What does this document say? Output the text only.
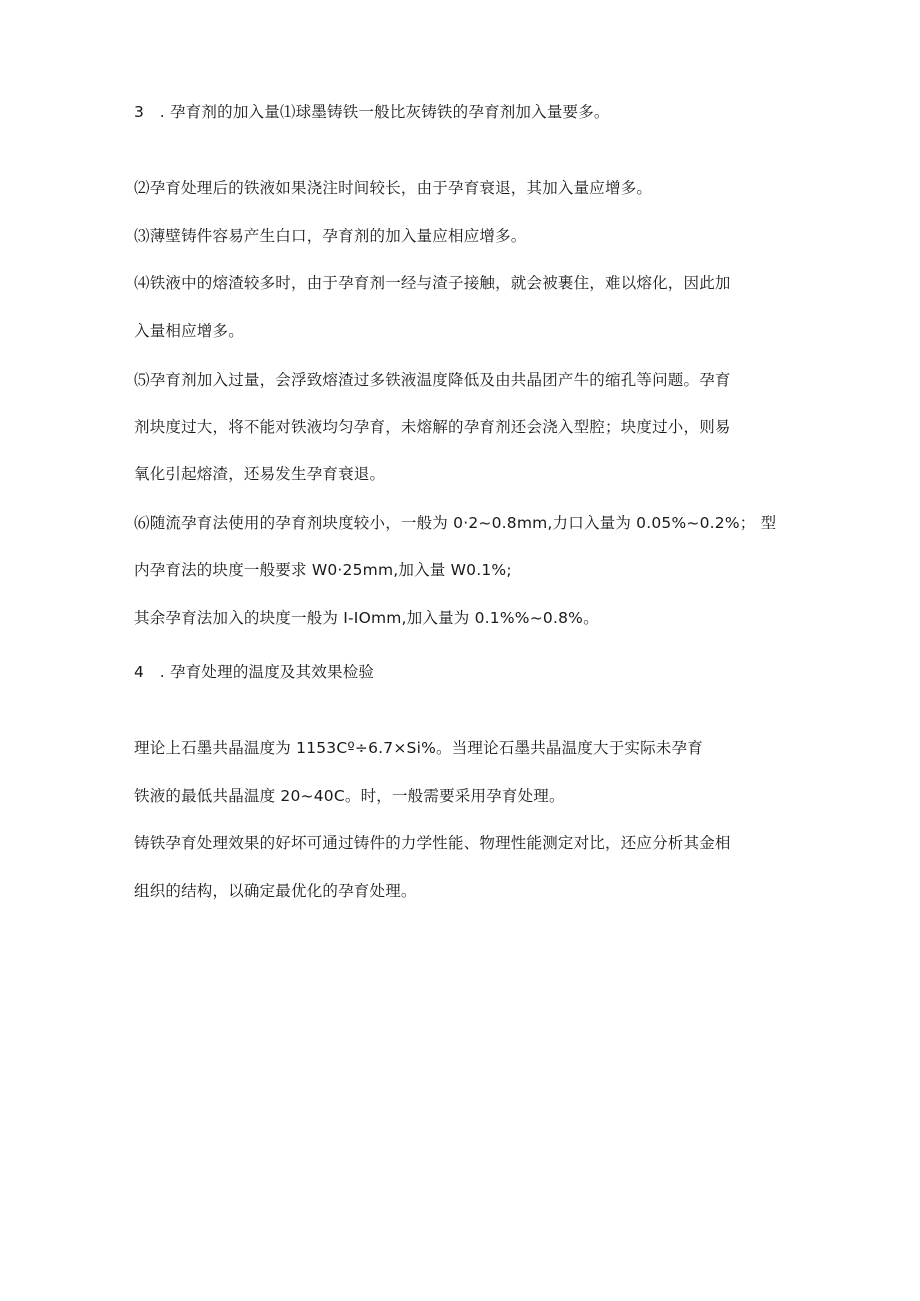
3　. 孕育剂的加入量⑴球墨铸铁一般比灰铸铁的孕育剂加入量要多。
⑵孕育处理后的铁液如果浇注时间较长，由于孕育衰退，其加入量应增多。
⑶薄壁铸件容易产生白口，孕育剂的加入量应相应增多。
⑷铁液中的熔渣较多时，由于孕育剂一经与渣子接触，就会被裹住，难以熔化，因此加
入量相应增多。
⑸孕育剂加入过量，会浮致熔渣过多铁液温度降低及由共晶团产牛的缩孔等问题。孕育
剂块度过大，将不能对铁液均匀孕育，未熔解的孕育剂还会浇入型腔；块度过小，则易
氧化引起熔渣，还易发生孕育衰退。
⑹随流孕育法使用的孕育剂块度较小，一般为 0·2~0.8mm,力口入量为 0.05%~0.2%； 型
内孕育法的块度一般要求 W0·25mm,加入量 W0.1%;
其余孕育法加入的块度一般为 I-IOmm,加入量为 0.1%%~0.8%。
4　. 孕育处理的温度及其效果检验
理论上石墨共晶温度为 1153Cº÷6.7×Si%。当理论石墨共晶温度大于实际未孕育
铁液的最低共晶温度 20~40C。时，一般需要采用孕育处理。
铸铁孕育处理效果的好坏可通过铸件的力学性能、物理性能测定对比，还应分析其金相
组织的结构，以确定最优化的孕育处理。
